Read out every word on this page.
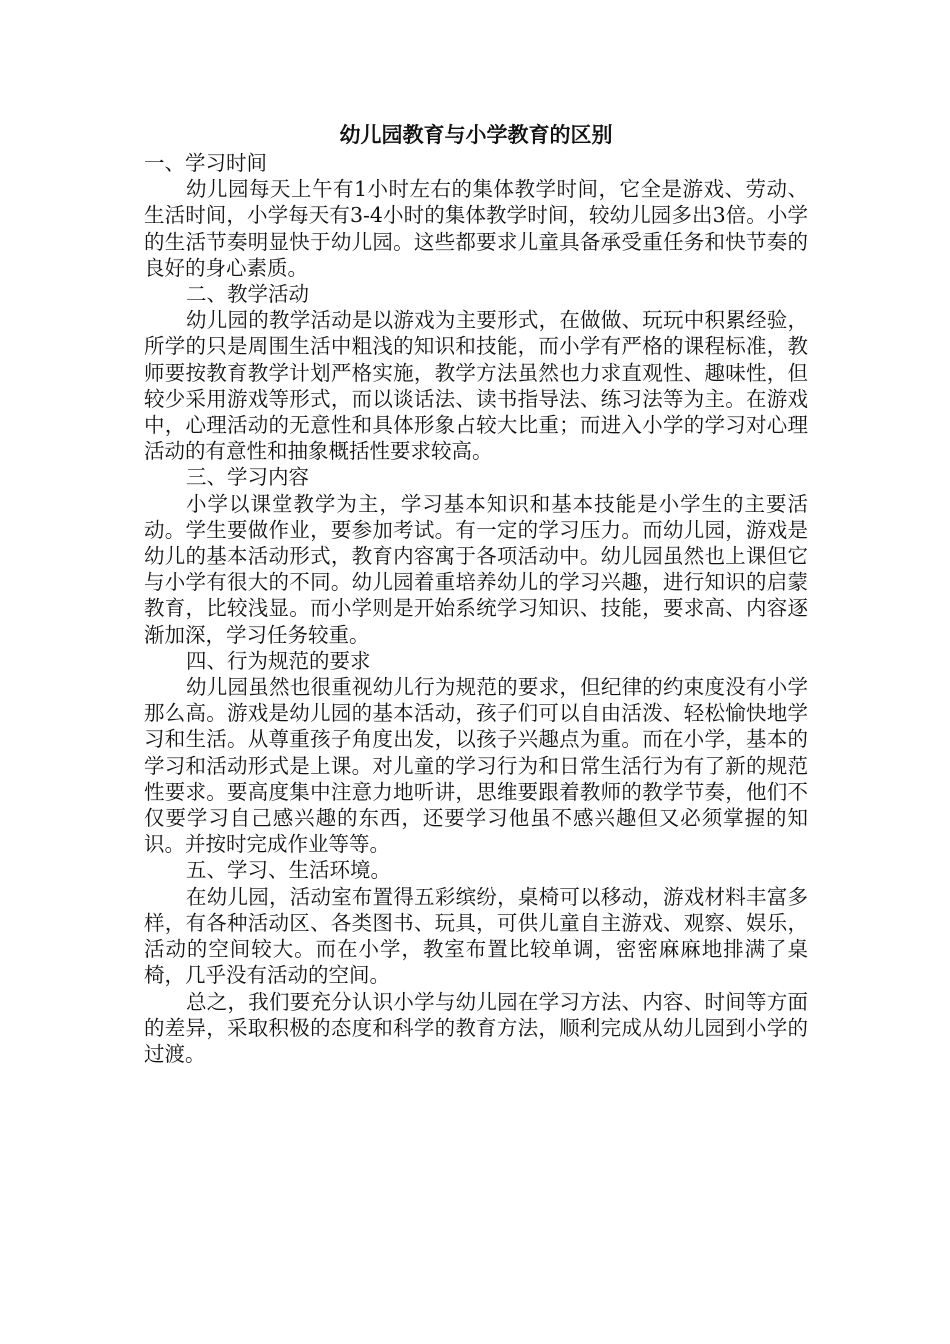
幼儿园教育与小学教育的区别
一、学习时间

幼儿园每天上午有1小时左右的集体教学时间，它全是游戏、劳动、生活时间，小学每天有3-4小时的集体教学时间，较幼儿园多出3倍。小学的生活节奏明显快于幼儿园。这些都要求儿童具备承受重任务和快节奏的良好的身心素质。

二、教学活动

幼儿园的教学活动是以游戏为主要形式，在做做、玩玩中积累经验，所学的只是周围生活中粗浅的知识和技能，而小学有严格的课程标准，教师要按教育教学计划严格实施，教学方法虽然也力求直观性、趣味性，但较少采用游戏等形式，而以谈话法、读书指导法、练习法等为主。在游戏中，心理活动的无意性和具体形象占较大比重；而进入小学的学习对心理活动的有意性和抽象概括性要求较高。

三、学习内容

小学以课堂教学为主，学习基本知识和基本技能是小学生的主要活动。学生要做作业，要参加考试。有一定的学习压力。而幼儿园，游戏是幼儿的基本活动形式，教育内容寓于各项活动中。幼儿园虽然也上课但它与小学有很大的不同。幼儿园着重培养幼儿的学习兴趣，进行知识的启蒙教育，比较浅显。而小学则是开始系统学习知识、技能，要求高、内容逐渐加深，学习任务较重。

四、行为规范的要求

幼儿园虽然也很重视幼儿行为规范的要求，但纪律的约束度没有小学那么高。游戏是幼儿园的基本活动，孩子们可以自由活泼、轻松愉快地学习和生活。从尊重孩子角度出发，以孩子兴趣点为重。而在小学，基本的学习和活动形式是上课。对儿童的学习行为和日常生活行为有了新的规范性要求。要高度集中注意力地听讲，思维要跟着教师的教学节奏，他们不仅要学习自己感兴趣的东西，还要学习他虽不感兴趣但又必须掌握的知识。并按时完成作业等等。

五、学习、生活环境。

在幼儿园，活动室布置得五彩缤纷，桌椅可以移动，游戏材料丰富多样，有各种活动区、各类图书、玩具，可供儿童自主游戏、观察、娱乐，活动的空间较大。而在小学，教室布置比较单调，密密麻麻地排满了桌椅，几乎没有活动的空间。

总之，我们要充分认识小学与幼儿园在学习方法、内容、时间等方面的差异，采取积极的态度和科学的教育方法，顺利完成从幼儿园到小学的过渡。
